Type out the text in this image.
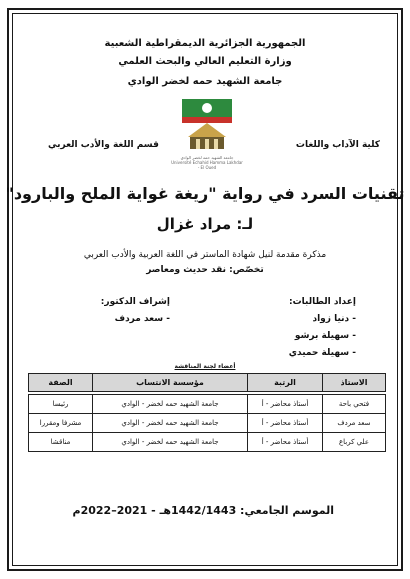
الجمهورية الجزائرية الديمقراطية الشعبية
وزارة التعليم العالي والبحث العلمي
جامعة الشهيد حمه لخضر الوادي
كلية الآداب واللغات
قسم اللغة والأدب العربي
جامعة الشهيد حمه لخضر الوادي
Université Echahid Hamma Lakhdar - El Oued
تقنيات السرد في رواية "ريغة غواية الملح والبارود"
لـ: مراد غزال
مذكرة مقدمة لنيل شهادة الماستر في اللغة العربية والأدب العربي
تخصّص: نقد حديث ومعاصر
إعداد الطالبات:
- دنيا زواد
- سهيلة برشو
- سهيلة حميدي
إشراف الدكتور:
- سعد مردف
أعضاء لجنة المناقشة
الاستاذ	الرتبة	مؤسسة الانتساب	الصفة

فتحي باحة	أستاذ محاضر - أ	جامعة الشهيد حمه لخضر - الوادي	رئيسا
سعد مردف	أستاذ محاضر - أ	جامعة الشهيد حمه لخضر - الوادي	مشرفا ومقررا
علي كرباع	أستاذ محاضر - أ	جامعة الشهيد حمه لخضر - الوادي	مناقشا
الموسم الجامعي: 1442/1443هـ - 2021–2022م
